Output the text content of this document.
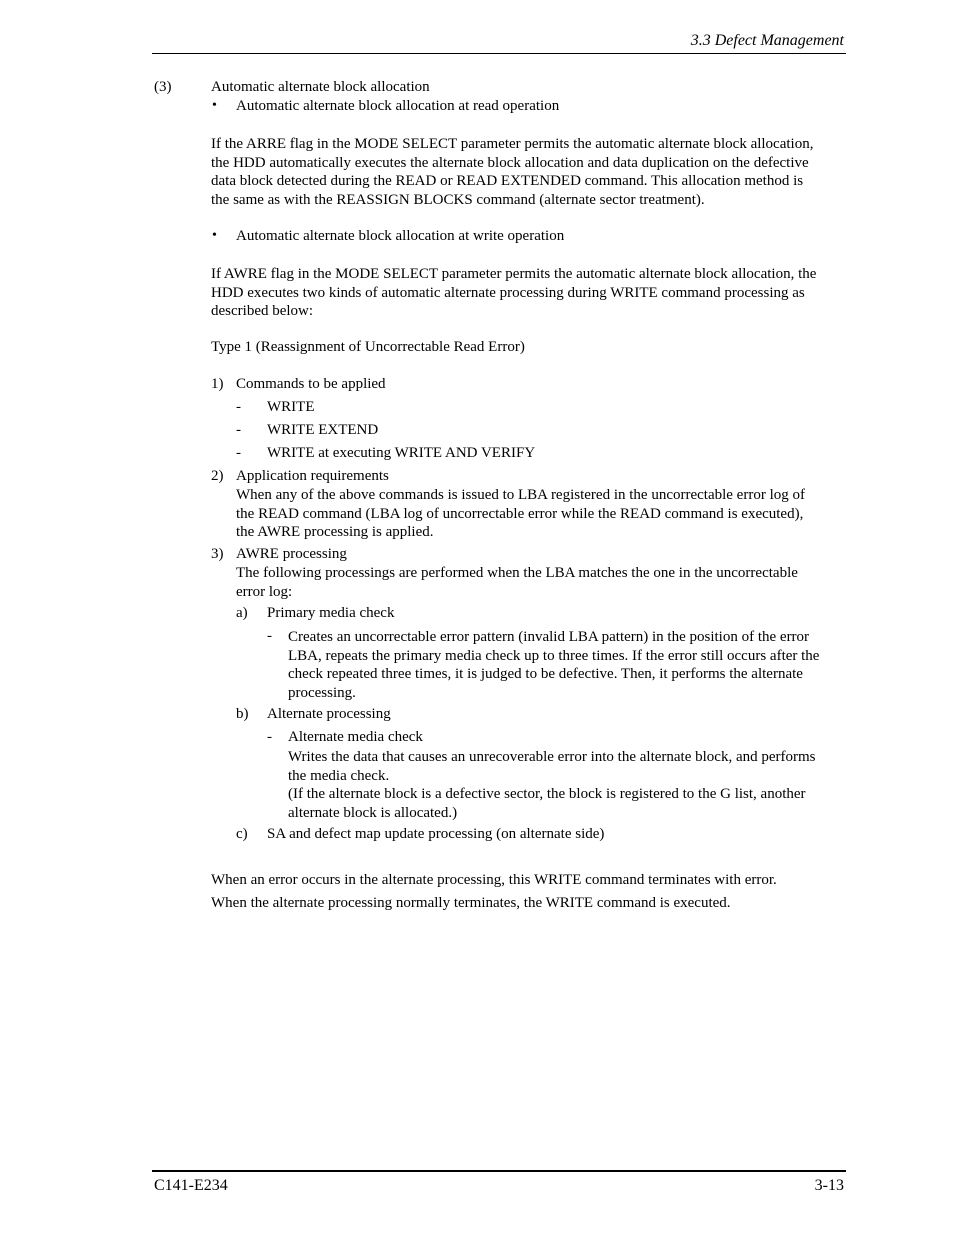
3.3 Defect Management
(3)	Automatic alternate block allocation
• Automatic alternate block allocation at read operation
If the ARRE flag in the MODE SELECT parameter permits the automatic alternate block allocation,
the HDD automatically executes the alternate block allocation and data duplication on the defective
data block detected during the READ or READ EXTENDED command. This allocation method is
the same as with the REASSIGN BLOCKS command (alternate sector treatment).
• Automatic alternate block allocation at write operation
If AWRE flag in the MODE SELECT parameter permits the automatic alternate block allocation, the
HDD executes two kinds of automatic alternate processing during WRITE command processing as
described below:
Type 1 (Reassignment of Uncorrectable Read Error)
1) Commands to be applied
- WRITE
- WRITE EXTEND
- WRITE at executing WRITE AND VERIFY
2) Application requirements
When any of the above commands is issued to LBA registered in the uncorrectable error log of
the READ command (LBA log of uncorrectable error while the READ command is executed),
the AWRE processing is applied.
3) AWRE processing
The following processings are performed when the LBA matches the one in the uncorrectable
error log:
a) Primary media check
- Creates an uncorrectable error pattern (invalid LBA pattern) in the position of the error
LBA, repeats the primary media check up to three times. If the error still occurs after the
check repeated three times, it is judged to be defective. Then, it performs the alternate
processing.
b) Alternate processing
- Alternate media check
Writes the data that causes an unrecoverable error into the alternate block, and performs
the media check.
(If the alternate block is a defective sector, the block is registered to the G list, another
alternate block is allocated.)
c) SA and defect map update processing (on alternate side)
When an error occurs in the alternate processing, this WRITE command terminates with error.
When the alternate processing normally terminates, the WRITE command is executed.
C141-E234	3-13
